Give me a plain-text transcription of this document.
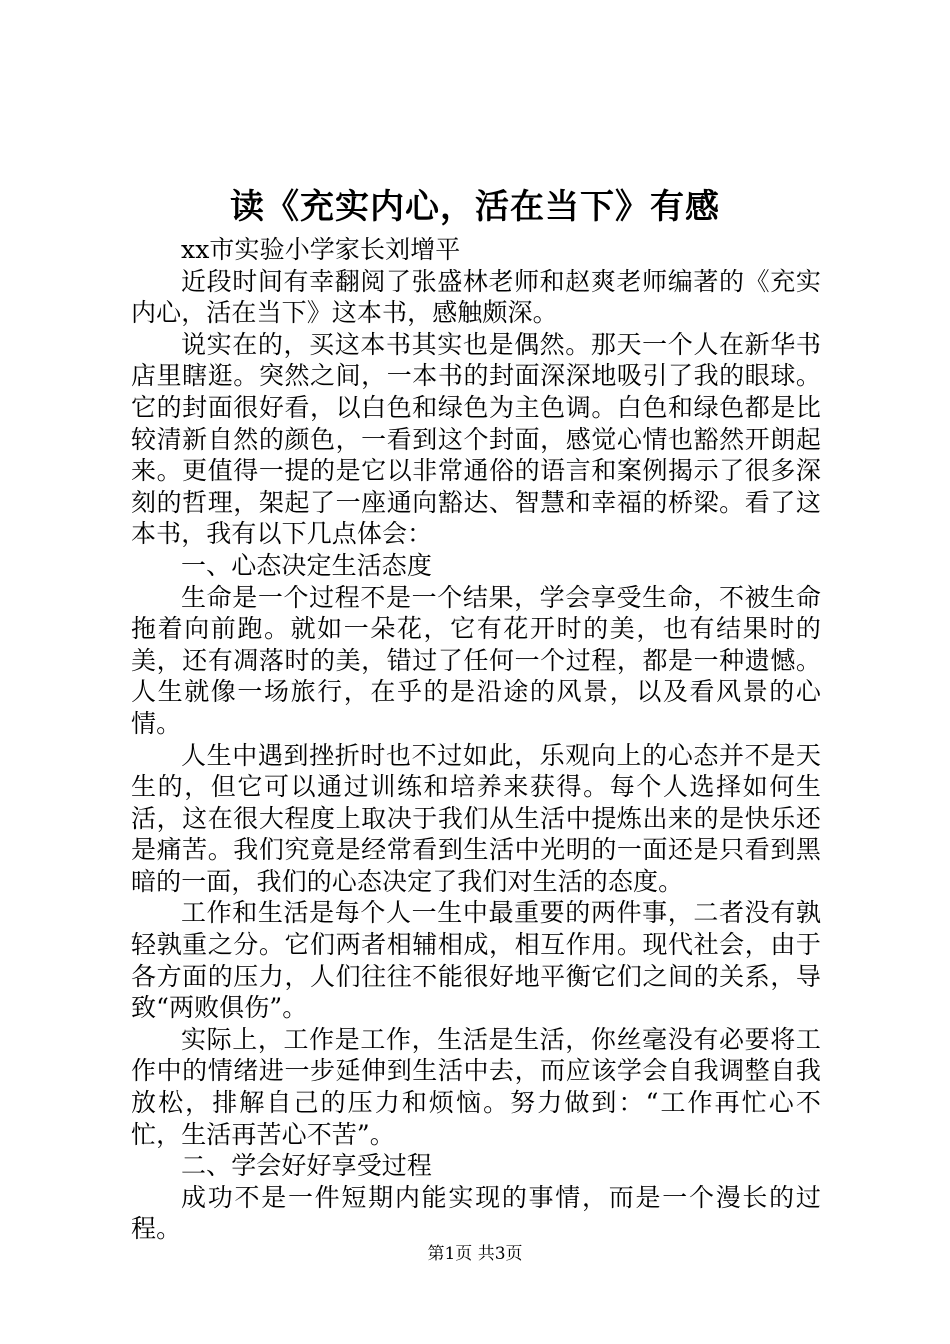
读《充实内心，活在当下》有感

xx市实验小学家长刘增平

近段时间有幸翻阅了张盛林老师和赵爽老师编著的《充实内心，活在当下》这本书，感触颇深。

说实在的，买这本书其实也是偶然。那天一个人在新华书店里瞎逛。突然之间，一本书的封面深深地吸引了我的眼球。它的封面很好看，以白色和绿色为主色调。白色和绿色都是比较清新自然的颜色，一看到这个封面，感觉心情也豁然开朗起来。更值得一提的是它以非常通俗的语言和案例揭示了很多深刻的哲理，架起了一座通向豁达、智慧和幸福的桥梁。看了这本书，我有以下几点体会：

一、心态决定生活态度

生命是一个过程不是一个结果，学会享受生命，不被生命拖着向前跑。就如一朵花，它有花开时的美，也有结果时的美，还有凋落时的美，错过了任何一个过程，都是一种遗憾。人生就像一场旅行，在乎的是沿途的风景，以及看风景的心情。

人生中遇到挫折时也不过如此，乐观向上的心态并不是天生的，但它可以通过训练和培养来获得。每个人选择如何生活，这在很大程度上取决于我们从生活中提炼出来的是快乐还是痛苦。我们究竟是经常看到生活中光明的一面还是只看到黑暗的一面，我们的心态决定了我们对生活的态度。

工作和生活是每个人一生中最重要的两件事，二者没有孰轻孰重之分。它们两者相辅相成，相互作用。现代社会，由于各方面的压力，人们往往不能很好地平衡它们之间的关系，导致“两败俱伤”。

实际上，工作是工作，生活是生活，你丝毫没有必要将工作中的情绪进一步延伸到生活中去，而应该学会自我调整自我放松，排解自己的压力和烦恼。努力做到：“工作再忙心不忙，生活再苦心不苦”。

二、学会好好享受过程

成功不是一件短期内能实现的事情，而是一个漫长的过程。

第1页 共3页
